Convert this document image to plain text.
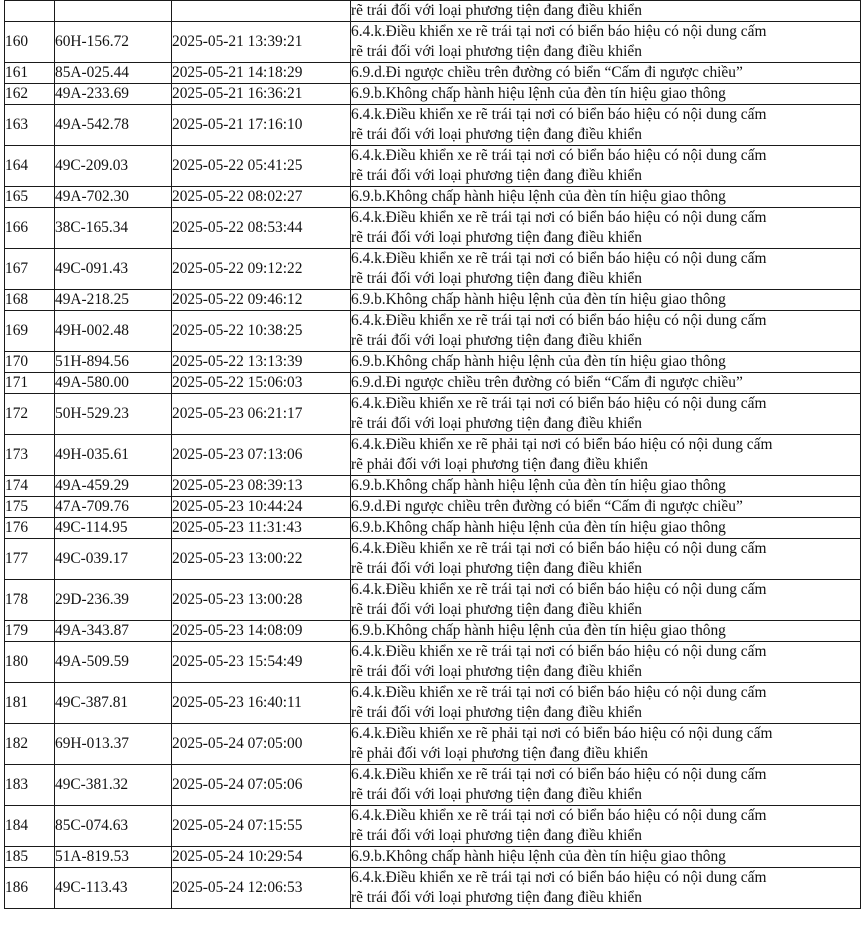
			rẽ trái đối với loại phương tiện đang điều khiển

160	60H-156.72	2025-05-21 13:39:21	6.4.k.Điều khiển xe rẽ trái tại nơi có biển báo hiệu có nội dung cấm
rẽ trái đối với loại phương tiện đang điều khiển

161	85A-025.44	2025-05-21 14:18:29	6.9.d.Đi ngược chiều trên đường có biển “Cấm đi ngược chiều”

162	49A-233.69	2025-05-21 16:36:21	6.9.b.Không chấp hành hiệu lệnh của đèn tín hiệu giao thông

163	49A-542.78	2025-05-21 17:16:10	6.4.k.Điều khiển xe rẽ trái tại nơi có biển báo hiệu có nội dung cấm
rẽ trái đối với loại phương tiện đang điều khiển

164	49C-209.03	2025-05-22 05:41:25	6.4.k.Điều khiển xe rẽ trái tại nơi có biển báo hiệu có nội dung cấm
rẽ trái đối với loại phương tiện đang điều khiển

165	49A-702.30	2025-05-22 08:02:27	6.9.b.Không chấp hành hiệu lệnh của đèn tín hiệu giao thông

166	38C-165.34	2025-05-22 08:53:44	6.4.k.Điều khiển xe rẽ trái tại nơi có biển báo hiệu có nội dung cấm
rẽ trái đối với loại phương tiện đang điều khiển

167	49C-091.43	2025-05-22 09:12:22	6.4.k.Điều khiển xe rẽ trái tại nơi có biển báo hiệu có nội dung cấm
rẽ trái đối với loại phương tiện đang điều khiển

168	49A-218.25	2025-05-22 09:46:12	6.9.b.Không chấp hành hiệu lệnh của đèn tín hiệu giao thông

169	49H-002.48	2025-05-22 10:38:25	6.4.k.Điều khiển xe rẽ trái tại nơi có biển báo hiệu có nội dung cấm
rẽ trái đối với loại phương tiện đang điều khiển

170	51H-894.56	2025-05-22 13:13:39	6.9.b.Không chấp hành hiệu lệnh của đèn tín hiệu giao thông

171	49A-580.00	2025-05-22 15:06:03	6.9.d.Đi ngược chiều trên đường có biển “Cấm đi ngược chiều”

172	50H-529.23	2025-05-23 06:21:17	6.4.k.Điều khiển xe rẽ trái tại nơi có biển báo hiệu có nội dung cấm
rẽ trái đối với loại phương tiện đang điều khiển

173	49H-035.61	2025-05-23 07:13:06	6.4.k.Điều khiển xe rẽ phải tại nơi có biển báo hiệu có nội dung cấm
rẽ phải đối với loại phương tiện đang điều khiển

174	49A-459.29	2025-05-23 08:39:13	6.9.b.Không chấp hành hiệu lệnh của đèn tín hiệu giao thông

175	47A-709.76	2025-05-23 10:44:24	6.9.d.Đi ngược chiều trên đường có biển “Cấm đi ngược chiều”

176	49C-114.95	2025-05-23 11:31:43	6.9.b.Không chấp hành hiệu lệnh của đèn tín hiệu giao thông

177	49C-039.17	2025-05-23 13:00:22	6.4.k.Điều khiển xe rẽ trái tại nơi có biển báo hiệu có nội dung cấm
rẽ trái đối với loại phương tiện đang điều khiển

178	29D-236.39	2025-05-23 13:00:28	6.4.k.Điều khiển xe rẽ trái tại nơi có biển báo hiệu có nội dung cấm
rẽ trái đối với loại phương tiện đang điều khiển

179	49A-343.87	2025-05-23 14:08:09	6.9.b.Không chấp hành hiệu lệnh của đèn tín hiệu giao thông

180	49A-509.59	2025-05-23 15:54:49	6.4.k.Điều khiển xe rẽ trái tại nơi có biển báo hiệu có nội dung cấm
rẽ trái đối với loại phương tiện đang điều khiển

181	49C-387.81	2025-05-23 16:40:11	6.4.k.Điều khiển xe rẽ trái tại nơi có biển báo hiệu có nội dung cấm
rẽ trái đối với loại phương tiện đang điều khiển

182	69H-013.37	2025-05-24 07:05:00	6.4.k.Điều khiển xe rẽ phải tại nơi có biển báo hiệu có nội dung cấm
rẽ phải đối với loại phương tiện đang điều khiển

183	49C-381.32	2025-05-24 07:05:06	6.4.k.Điều khiển xe rẽ trái tại nơi có biển báo hiệu có nội dung cấm
rẽ trái đối với loại phương tiện đang điều khiển

184	85C-074.63	2025-05-24 07:15:55	6.4.k.Điều khiển xe rẽ trái tại nơi có biển báo hiệu có nội dung cấm
rẽ trái đối với loại phương tiện đang điều khiển

185	51A-819.53	2025-05-24 10:29:54	6.9.b.Không chấp hành hiệu lệnh của đèn tín hiệu giao thông

186	49C-113.43	2025-05-24 12:06:53	6.4.k.Điều khiển xe rẽ trái tại nơi có biển báo hiệu có nội dung cấm
rẽ trái đối với loại phương tiện đang điều khiển
